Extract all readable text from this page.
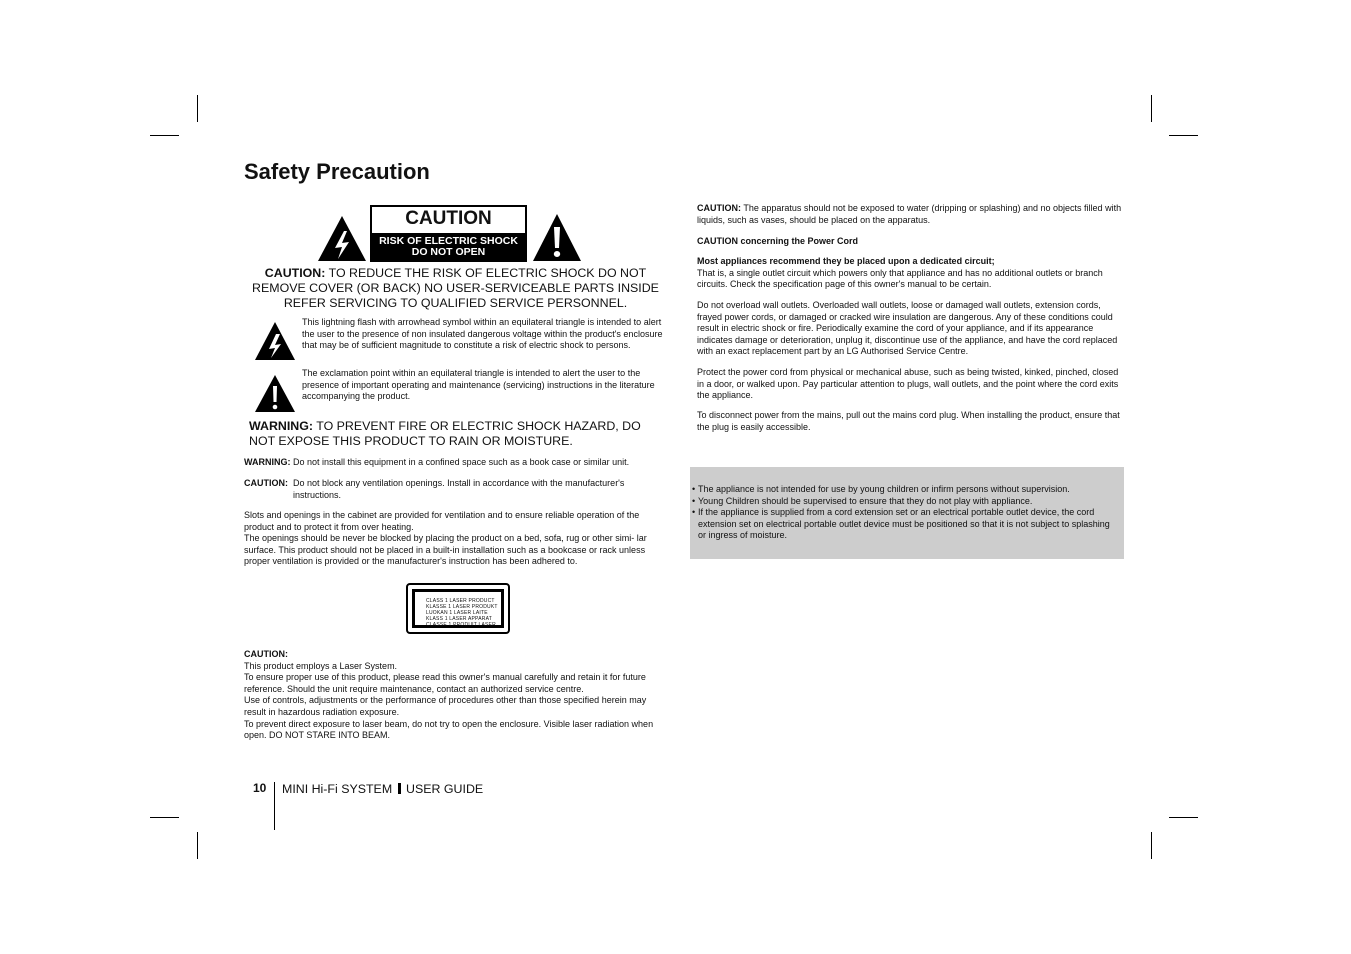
Safety Precaution
CAUTION
RISK OF ELECTRIC SHOCK
DO NOT OPEN
CAUTION: TO REDUCE THE RISK OF ELECTRIC SHOCK DO NOT REMOVE COVER (OR BACK) NO USER-SERVICEABLE PARTS INSIDE REFER SERVICING TO QUALIFIED SERVICE PERSONNEL.
This lightning flash with arrowhead symbol within an equilateral triangle is intended to alert the user to the presence of non insulated dangerous voltage within the product's enclosure that may be of sufficient magnitude to constitute a risk of electric shock to persons.
The exclamation point within an equilateral triangle is intended to alert the user to the presence of important operating and maintenance (servicing) instructions in the literature accompanying the product.
WARNING: TO PREVENT FIRE OR ELECTRIC SHOCK HAZARD, DO NOT EXPOSE THIS PRODUCT TO RAIN OR MOISTURE.
WARNING: Do not install this equipment in a confined space such as a book case or similar unit.
CAUTION: Do not block any ventilation openings. Install in accordance with the manufacturer's instructions.
Slots and openings in the cabinet are provided for ventilation and to ensure reliable operation of the product and to protect it from over heating.
The openings should be never be blocked by placing the product on a bed, sofa, rug or other simi- lar surface. This product should not be placed in a built-in installation such as a bookcase or rack unless proper ventilation is provided or the manufacturer's instruction has been adhered to.
CLASS 1 LASER PRODUCT
KLASSE 1 LASER PRODUKT
LUOKAN 1 LASER LAITE
KLASS 1 LASER APPARAT
CLASSE 1 PRODUIT LASER
CAUTION:
This product employs a Laser System.
To ensure proper use of this product, please read this owner's manual carefully and retain it for future reference. Should the unit require maintenance, contact an authorized service centre.
Use of controls, adjustments or the performance of procedures other than those specified herein may result in hazardous radiation exposure.
To prevent direct exposure to laser beam, do not try to open the enclosure. Visible laser radiation when open. DO NOT STARE INTO BEAM.
CAUTION: The apparatus should not be exposed to water (dripping or splashing) and no objects filled with liquids, such as vases, should be placed on the apparatus.
CAUTION concerning the Power Cord
Most appliances recommend they be placed upon a dedicated circuit;
That is, a single outlet circuit which powers only that appliance and has no additional outlets or branch circuits. Check the specification page of this owner's manual to be certain.
Do not overload wall outlets. Overloaded wall outlets, loose or damaged wall outlets, extension cords, frayed power cords, or damaged or cracked wire insulation are dangerous. Any of these conditions could result in electric shock or fire. Periodically examine the cord of your appliance, and if its appearance indicates damage or deterioration, unplug it, discontinue use of the appliance, and have the cord replaced with an exact replacement part by an LG Authorised Service Centre.
Protect the power cord from physical or mechanical abuse, such as being twisted, kinked, pinched, closed in a door, or walked upon. Pay particular attention to plugs, wall outlets, and the point where the cord exits the appliance.
To disconnect power from the mains, pull out the mains cord plug. When installing the product, ensure that the plug is easily accessible.
• The appliance is not intended for use by young children or infirm persons without supervision.
• Young Children should be supervised to ensure that they do not play with appliance.
• If the appliance is supplied from a cord extension set or an electrical portable outlet device, the cord extension set on electrical portable outlet device must be positioned so that it is not subject to splashing or ingress of moisture.
10 MINI Hi-Fi SYSTEM USER GUIDE
